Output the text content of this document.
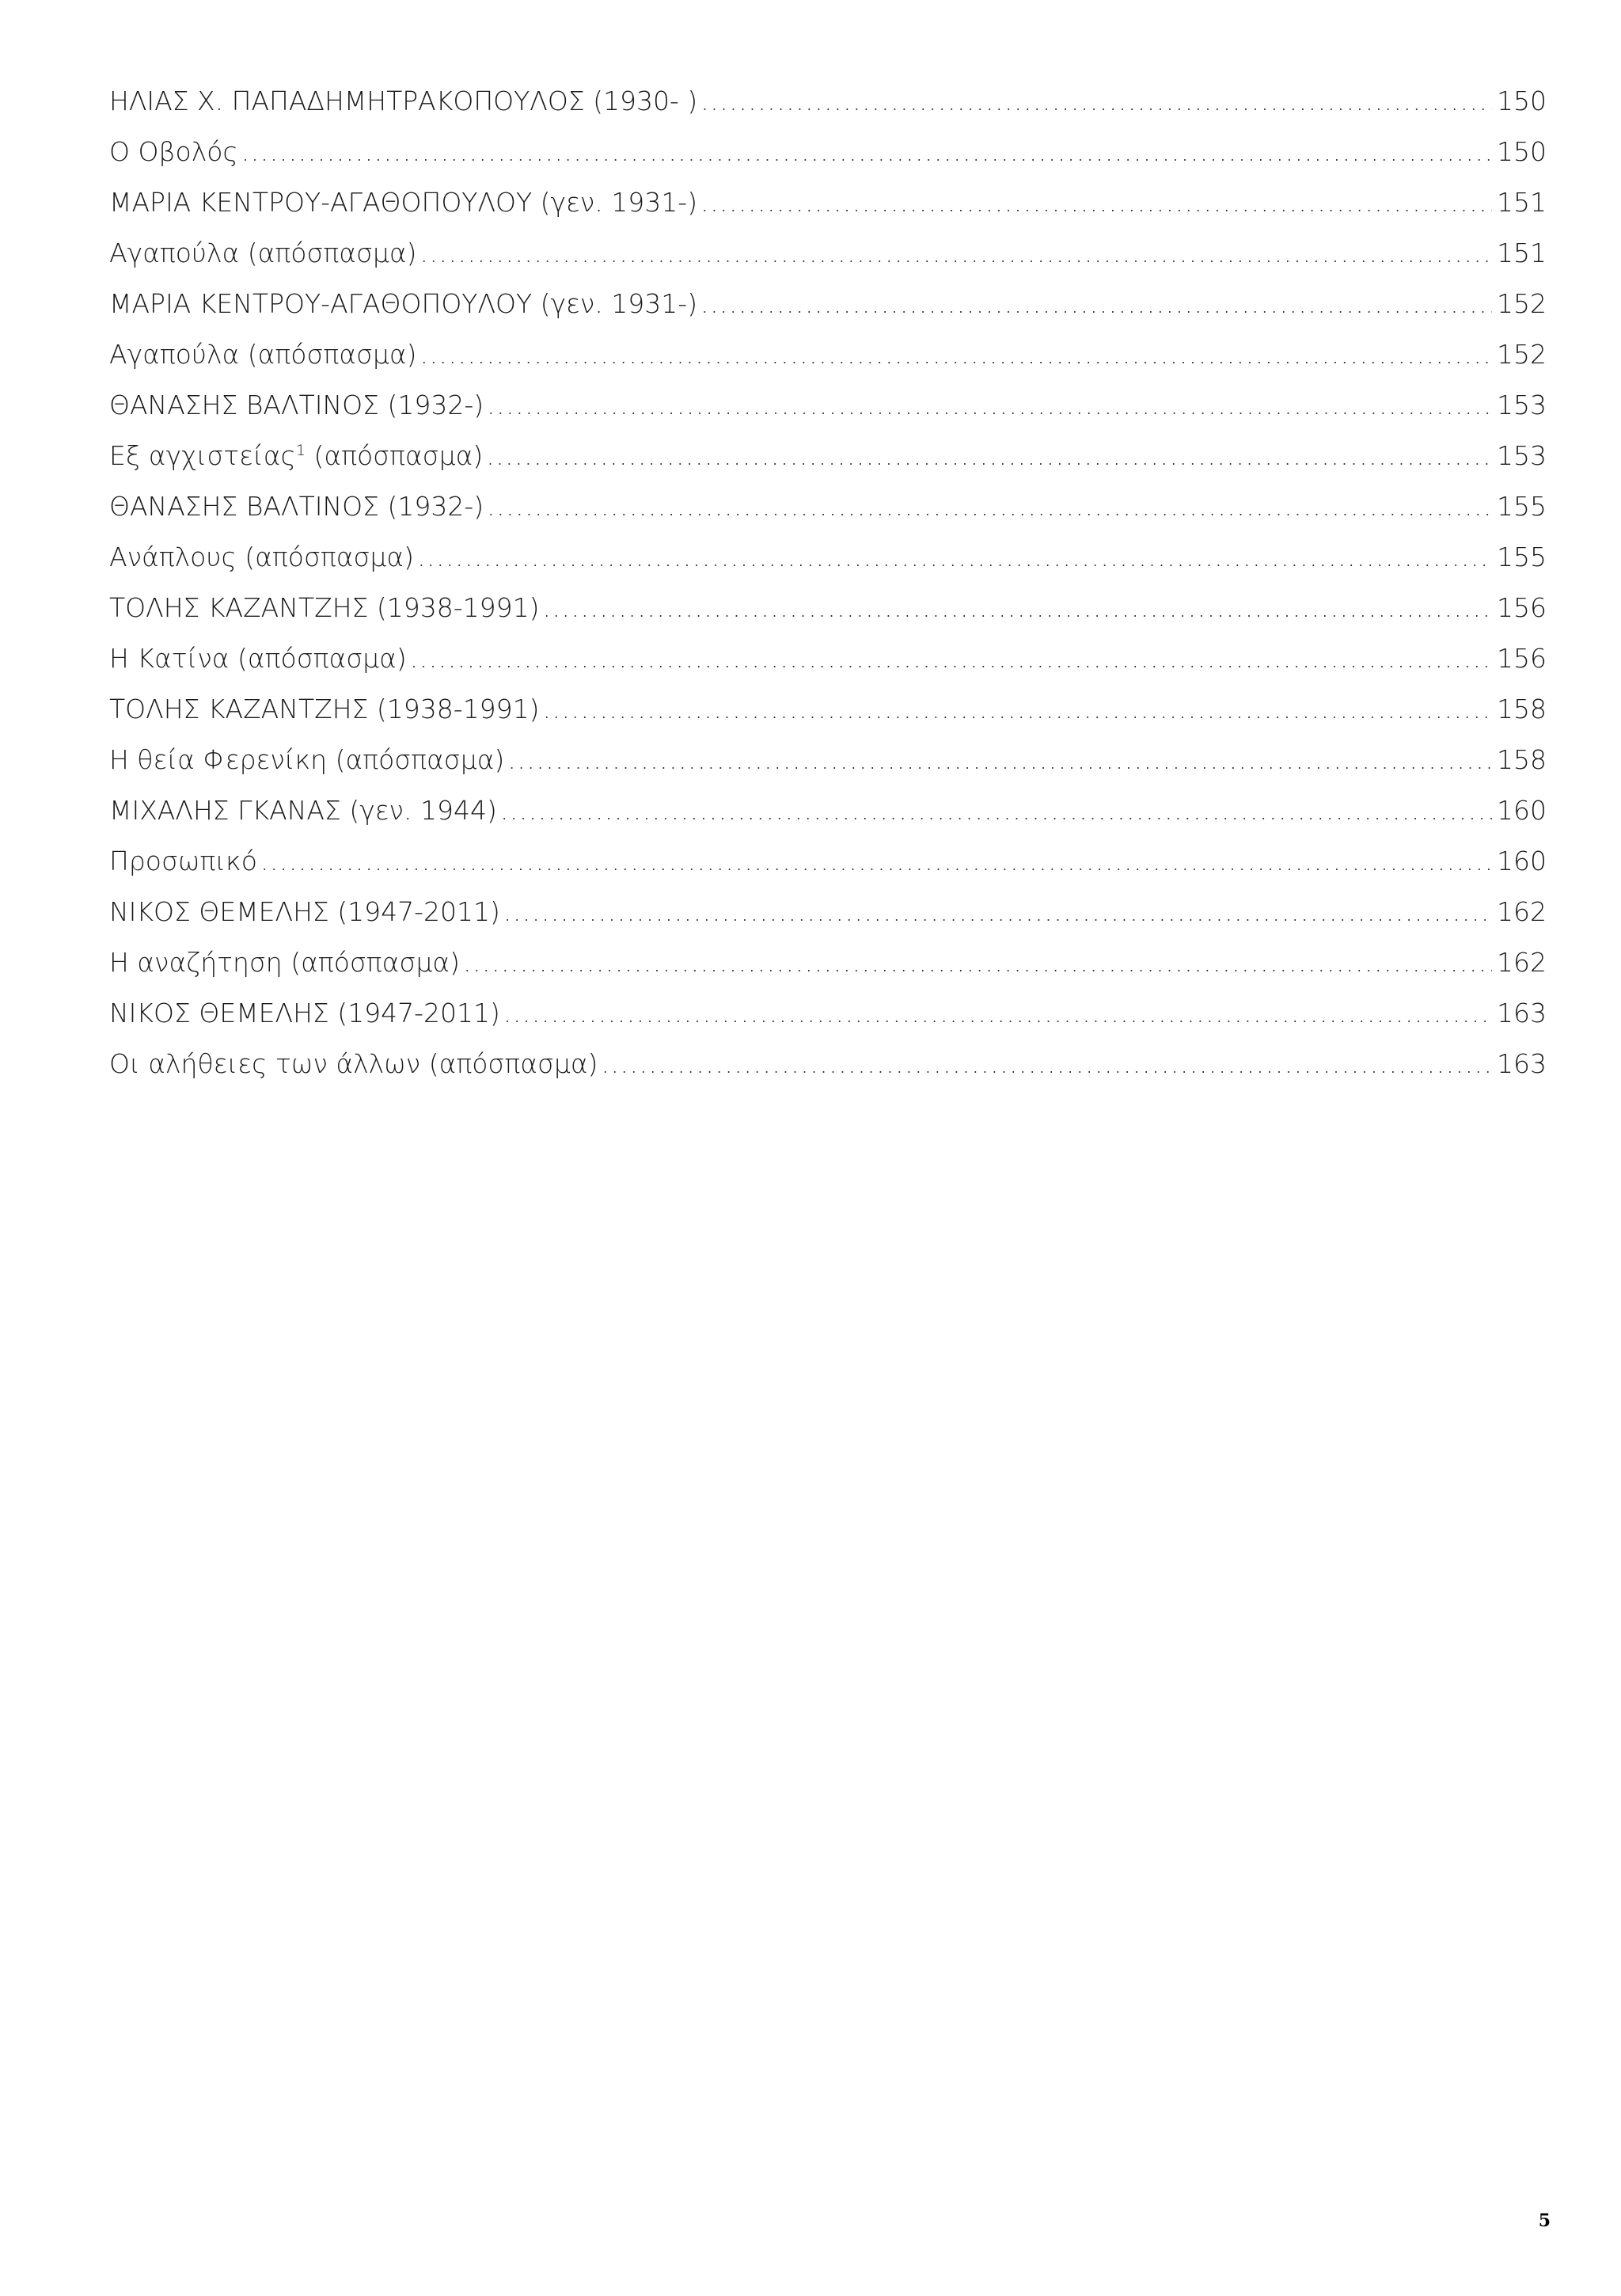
ΗΛΙΑΣ Χ. ΠΑΠΑΔΗΜΗΤΡΑΚΟΠΟΥΛΟΣ (1930- ) .....	150
Ο Οβολός .....	150
ΜΑΡΙΑ ΚΕΝΤΡΟΥ-ΑΓΑΘΟΠΟΥΛΟΥ (γεν. 1931-) .....	151
Αγαπούλα (απόσπασμα) .....	151
ΜΑΡΙΑ ΚΕΝΤΡΟΥ-ΑΓΑΘΟΠΟΥΛΟΥ (γεν. 1931-) .....	152
Αγαπούλα (απόσπασμα) .....	152
ΘΑΝΑΣΗΣ ΒΑΛΤΙΝΟΣ (1932-) .....	153
Εξ αγχιστείας$^1$ (απόσπασμα) .....	153
ΘΑΝΑΣΗΣ ΒΑΛΤΙΝΟΣ (1932-) .....	155
Ανάπλους (απόσπασμα) .....	155
ΤΟΛΗΣ ΚΑΖΑΝΤΖΗΣ (1938-1991) .....	156
Η Κατίνα (απόσπασμα) .....	156
ΤΟΛΗΣ ΚΑΖΑΝΤΖΗΣ (1938-1991) .....	158
Η θεία Φερενίκη (απόσπασμα) .....	158
ΜΙΧΑΛΗΣ ΓΚΑΝΑΣ (γεν. 1944) .....	160
Προσωπικό .....	160
ΝΙΚΟΣ ΘΕΜΕΛΗΣ (1947-2011) .....	162
Η αναζήτηση (απόσπασμα) .....	162
ΝΙΚΟΣ ΘΕΜΕΛΗΣ (1947-2011) .....	163
Οι αλήθειες των άλλων (απόσπασμα) .....	163
5
